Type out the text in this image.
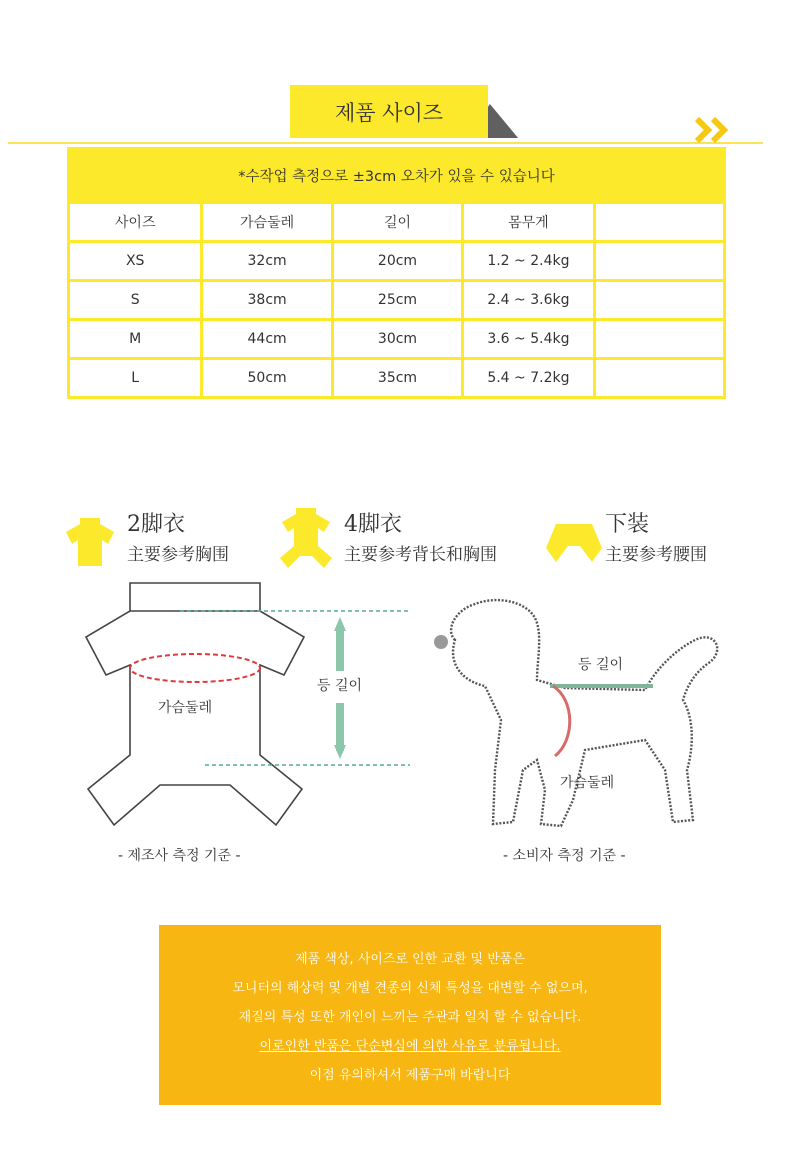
제품 사이즈
*수작업 측정으로 ±3cm 오차가 있을 수 있습니다
사이즈	가슴둘레	길이	몸무게
XS	32cm	20cm	1.2 ~ 2.4kg
S	38cm	25cm	2.4 ~ 3.6kg
M	44cm	30cm	3.6 ~ 5.4kg
L	50cm	35cm	5.4 ~ 7.2kg
2脚衣
主要参考胸围
4脚衣
主要参考背长和胸围
下装
主要参考腰围
가슴둘레
등 길이
- 제조사 측정 기준 -
등 길이
가슴둘레
- 소비자 측정 기준 -

제품 색상, 사이즈로 인한 교환 및 반품은

모니터의 해상력 및 개별 견종의 신체 특성을 대변할 수 없으며,

재질의 특성 또한 개인이 느끼는 주관과 일치 할 수 없습니다.

이로인한 반품은 단순변심에 의한 사유로 분류됩니다.

이점 유의하셔서 제품구매 바랍니다
